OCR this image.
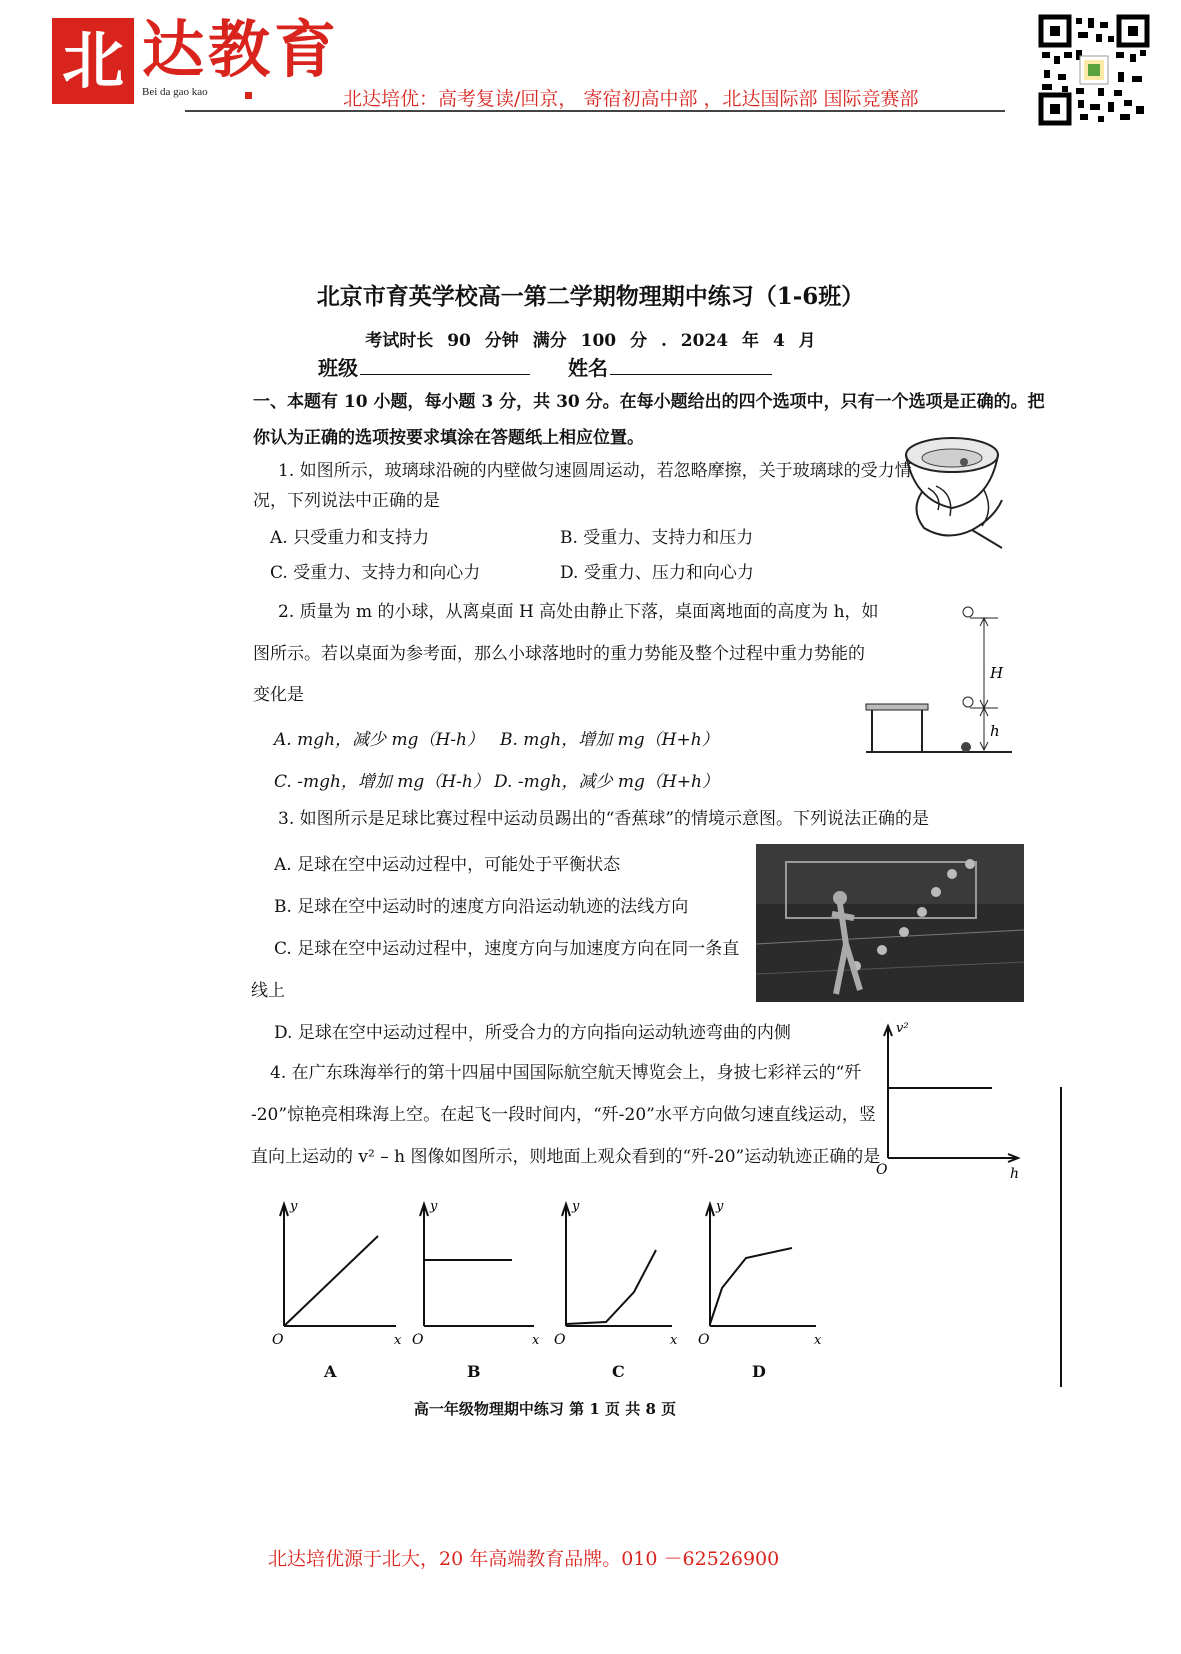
北 达教育
Bei da gao kao	北达培优：高考复读/回京， 寄宿初高中部 ，北达国际部 国际竞赛部
北京市育英学校高一第二学期物理期中练习（1-6班）
考试时长 90 分钟 满分 100 分 . 2024 年 4 月
班级	姓名
一、本题有 10 小题，每小题 3 分，共 30 分。在每小题给出的四个选项中，只有一个选项是正确的。把
你认为正确的选项按要求填涂在答题纸上相应位置。
1. 如图所示，玻璃球沿碗的内壁做匀速圆周运动，若忽略摩擦，关于玻璃球的受力情
况，下列说法中正确的是
A. 只受重力和支持力	B. 受重力、支持力和压力
C. 受重力、支持力和向心力	D. 受重力、压力和向心力
2. 质量为 m 的小球，从离桌面 H 高处由静止下落，桌面离地面的高度为 h，如
图所示。若以桌面为参考面，那么小球落地时的重力势能及整个过程中重力势能的
变化是
A. mgh，减少 mg（H-h） B. mgh，增加 mg（H+h）
C. -mgh，增加 mg（H-h） D. -mgh，减少 mg（H+h）
H
h
3. 如图所示是足球比赛过程中运动员踢出的“香蕉球”的情境示意图。下列说法正确的是
A. 足球在空中运动过程中，可能处于平衡状态
B. 足球在空中运动时的速度方向沿运动轨迹的法线方向
C. 足球在空中运动过程中，速度方向与加速度方向在同一条直
线上
D. 足球在空中运动过程中，所受合力的方向指向运动轨迹弯曲的内侧
4. 在广东珠海举行的第十四届中国国际航空航天博览会上，身披七彩祥云的“歼
-20”惊艳亮相珠海上空。在起飞一段时间内，“歼-20”水平方向做匀速直线运动，竖
直向上运动的 v² – h 图像如图所示，则地面上观众看到的“歼-20”运动轨迹正确的是
v²
O	h
y
O	x
y
O	x
y
O	x
y
O	x
A	B	C	D
高一年级物理期中练习 第 1 页 共 8 页
北达培优源于北大，20 年高端教育品牌。010 －62526900
